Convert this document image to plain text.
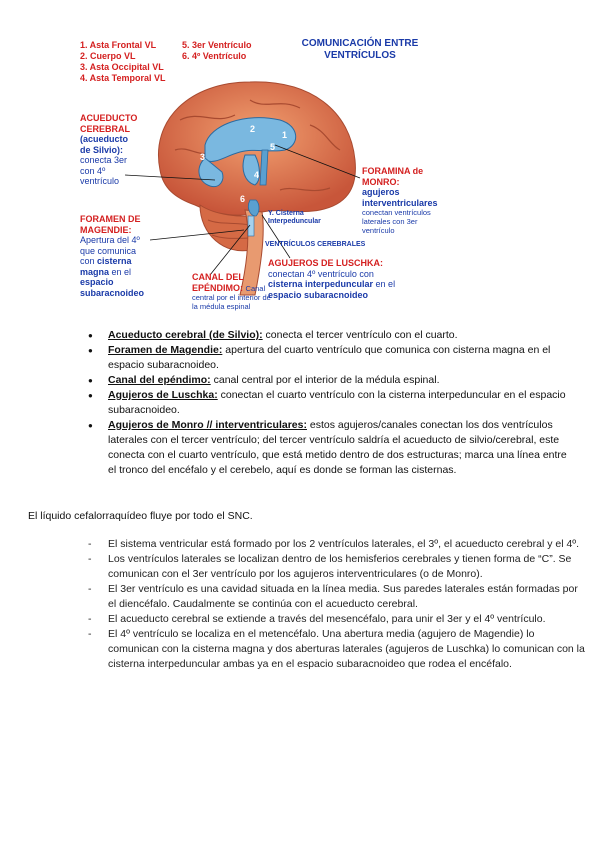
1
2
3
4
5
6
1. Asta Frontal VL
2. Cuerpo VL
3. Asta Occipital VL
4. Asta Temporal VL
5. 3er Ventrículo
6. 4º Ventrículo
COMUNICACIÓN ENTRE
VENTRÍCULOS
ACUEDUCTO
CEREBRAL
(acueducto
de Silvio):
conecta 3er
con 4º
ventrículo
FORAMEN DE
MAGENDIE:
Apertura del 4º
que comunica
con cisterna
magna en el
espacio
subaracnoideo
CANAL DEL
EPÉNDIMO: Canal
central por el interior de
la médula espinal
FORAMINA de
MONRO:
agujeros
interventriculares
conectan ventrículos
laterales con 3er
ventrículo
AGUJEROS DE LUSCHKA:
conectan 4º ventrículo con
cisterna interpeduncular en el
espacio subaracnoideo
Y. Cisterna
Interpeduncular
VENTRÍCULOS CEREBRALES
● Acueducto cerebral (de Silvio): conecta el tercer ventrículo con el cuarto.
● Foramen de Magendie: apertura del cuarto ventrículo que comunica con cisterna magna en el espacio subaracnoideo.
● Canal del epéndimo: canal central por el interior de la médula espinal.
● Agujeros de Luschka: conectan el cuarto ventrículo con la cisterna interpeduncular en el espacio subaracnoideo.
● Agujeros de Monro // interventriculares: estos agujeros/canales conectan los dos ventrículos laterales con el tercer ventrículo; del tercer ventrículo saldría el acueducto de silvio/cerebral, este conecta con el cuarto ventrículo, que está metido dentro de dos estructuras; marca una línea entre el tronco del encéfalo y el cerebelo, aquí es donde se forman las cisternas.
El líquido cefalorraquídeo fluye por todo el SNC.
- El sistema ventricular está formado por los 2 ventrículos laterales, el 3º, el acueducto cerebral y el 4º.
- Los ventrículos laterales se localizan dentro de los hemisferios cerebrales y tienen forma de “C”. Se comunican con el 3er ventrículo por los agujeros interventriculares (o de Monro).
- El 3er ventrículo es una cavidad situada en la línea media. Sus paredes laterales están formadas por el diencéfalo. Caudalmente se continúa con el acueducto cerebral.
- El acueducto cerebral se extiende a través del mesencéfalo, para unir el 3er y el 4º ventrículo.
- El 4º ventrículo se localiza en el metencéfalo. Una abertura media (agujero de Magendie) lo comunican con la cisterna magna y dos aberturas laterales (agujeros de Luschka) lo comunican con la cisterna interpeduncular ambas ya en el espacio subaracnoideo que rodea el encéfalo.
